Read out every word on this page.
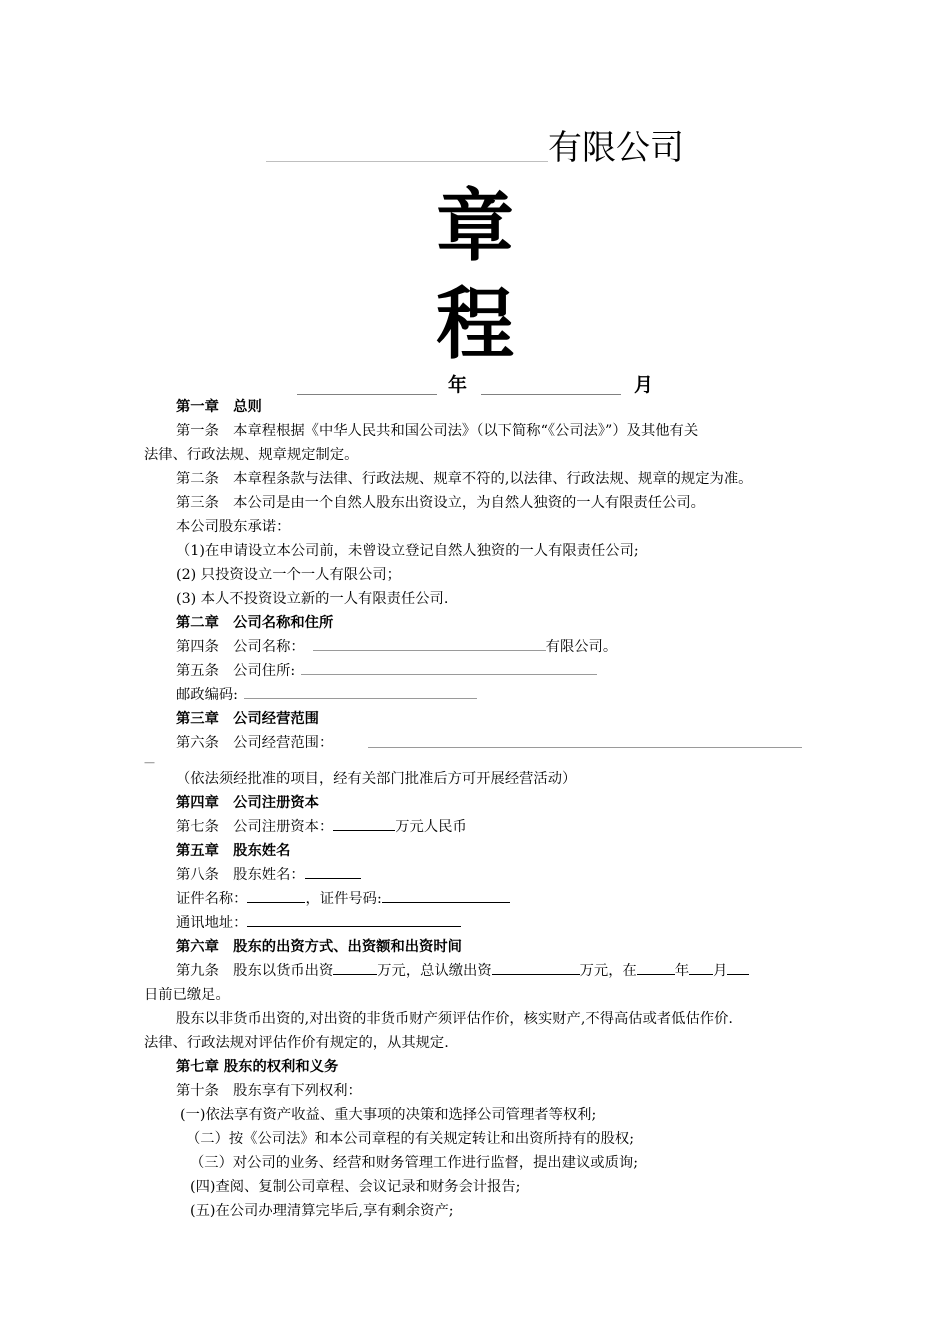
有限公司
章
程
年	月
第一章　总则
第一条　本章程根据《中华人民共和国公司法》（以下简称“《公司法》”）及其他有关
法律、行政法规、规章规定制定。
第二条　本章程条款与法律、行政法规、规章不符的,以法律、行政法规、规章的规定为准。
第三条　本公司是由一个自然人股东出资设立，为自然人独资的一人有限责任公司。
本公司股东承诺：
（1)在申请设立本公司前，未曾设立登记自然人独资的一人有限责任公司;
(2) 只投资设立一个一人有限公司；
(3) 本人不投资设立新的一人有限责任公司.
第二章　公司名称和住所
第四条　公司名称：	有限公司。
第五条　公司住所:
邮政编码:
第三章　公司经营范围
第六条　公司经营范围：
—
（依法须经批准的项目，经有关部门批准后方可开展经营活动）
第四章　公司注册资本
第七条　公司注册资本：	万元人民币
第五章　股东姓名
第八条　股东姓名：
证件名称：	，证件号码:
通讯地址：
第六章　股东的出资方式、出资额和出资时间
第九条　股东以货币出资	万元，总认缴出资	万元，在	年 月
日前已缴足。
股东以非货币出资的,对出资的非货币财产须评估作价，核实财产,不得高估或者低估作价.
法律、行政法规对评估作价有规定的，从其规定.
第七章 股东的权利和义务
第十条　股东享有下列权利：
(一)依法享有资产收益、重大事项的决策和选择公司管理者等权利;
（二）按《公司法》和本公司章程的有关规定转让和出资所持有的股权;
（三）对公司的业务、经营和财务管理工作进行监督，提出建议或质询;
(四)查阅、复制公司章程、会议记录和财务会计报告;
(五)在公司办理清算完毕后,享有剩余资产;
